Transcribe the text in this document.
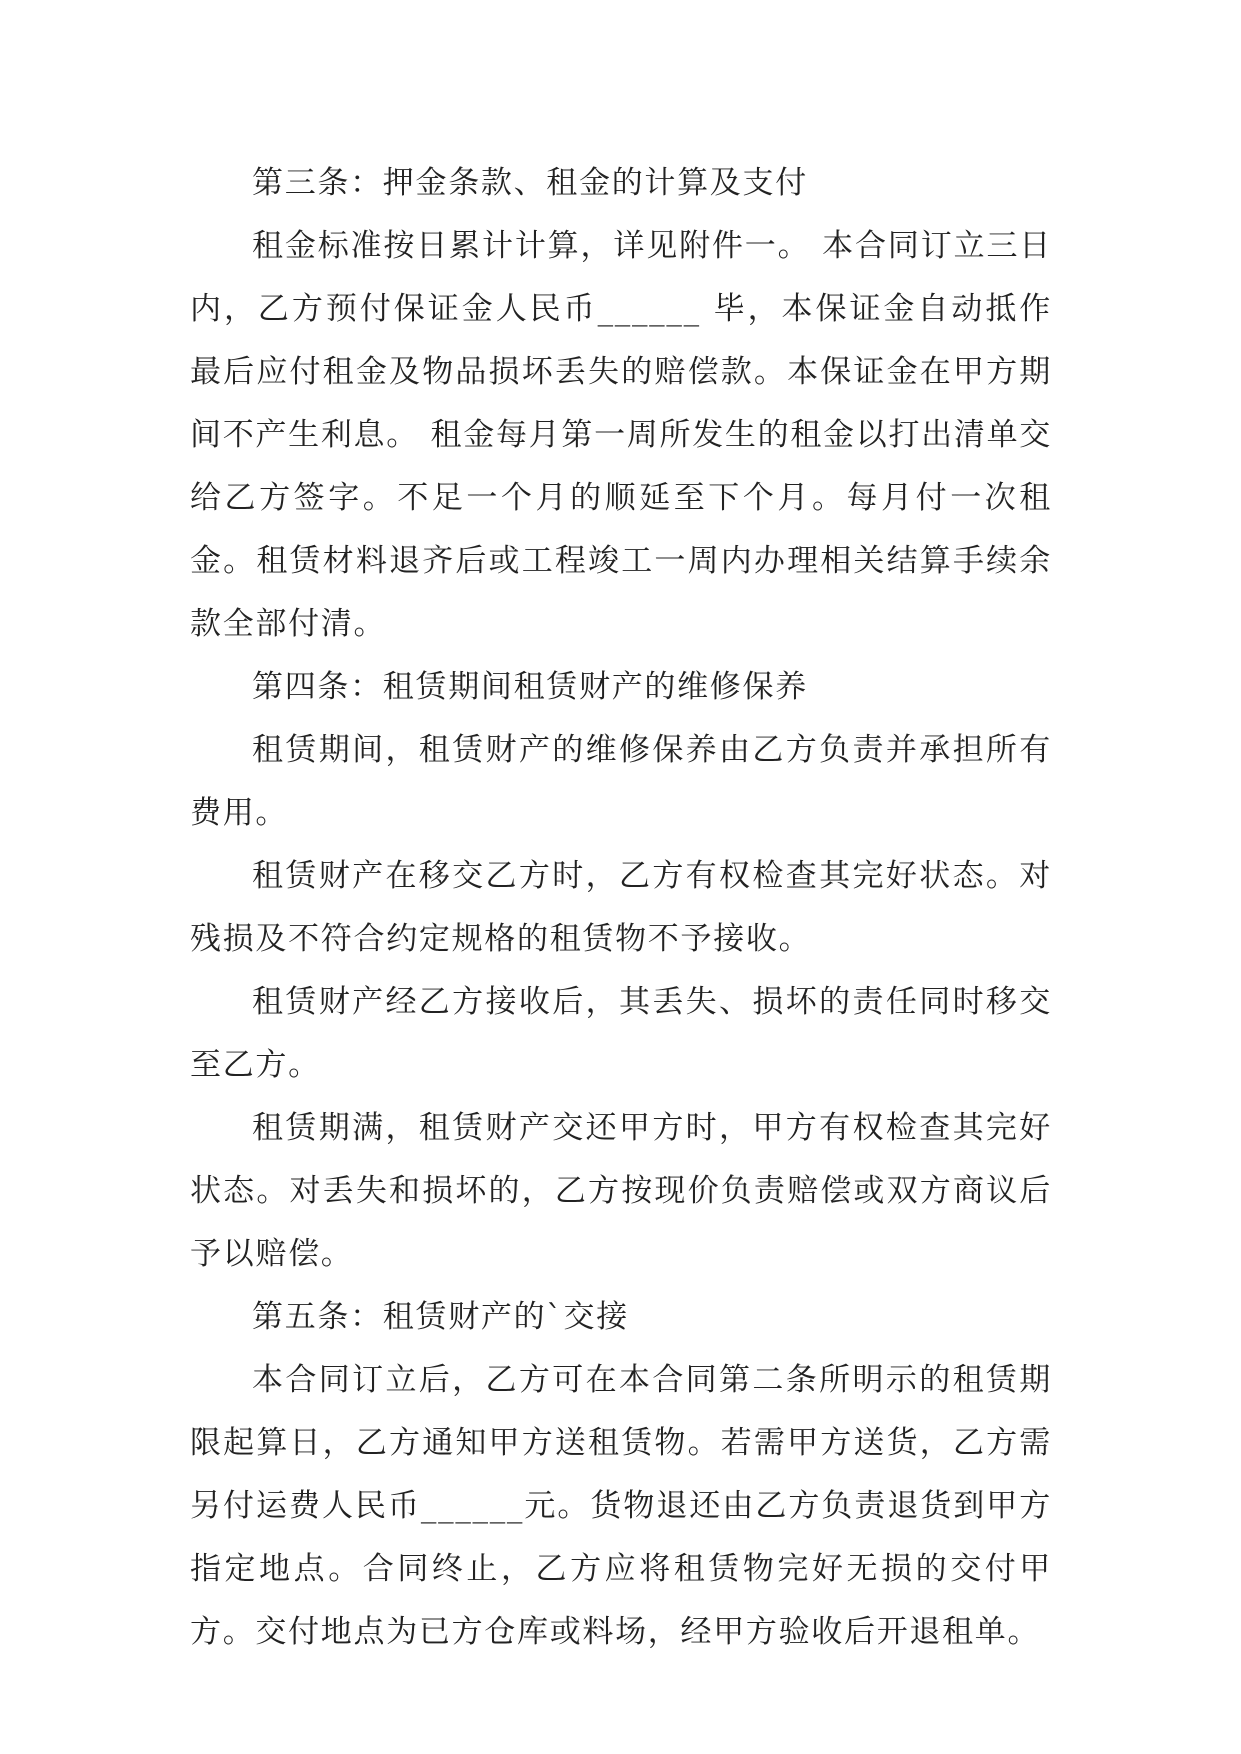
第三条：押金条款、租金的计算及支付

租金标准按日累计计算，详见附件一。 本合同订立三日内，乙方预付保证金人民币______ 毕，本保证金自动抵作最后应付租金及物品损坏丢失的赔偿款。本保证金在甲方期间不产生利息。 租金每月第一周所发生的租金以打出清单交给乙方签字。不足一个月的顺延至下个月。每月付一次租金。租赁材料退齐后或工程竣工一周内办理相关结算手续余款全部付清。

第四条：租赁期间租赁财产的维修保养

租赁期间，租赁财产的维修保养由乙方负责并承担所有费用。

租赁财产在移交乙方时，乙方有权检查其完好状态。对残损及不符合约定规格的租赁物不予接收。

租赁财产经乙方接收后，其丢失、损坏的责任同时移交至乙方。

租赁期满，租赁财产交还甲方时，甲方有权检查其完好状态。对丢失和损坏的，乙方按现价负责赔偿或双方商议后予以赔偿。

第五条：租赁财产的`交接

本合同订立后，乙方可在本合同第二条所明示的租赁期限起算日，乙方通知甲方送租赁物。若需甲方送货，乙方需另付运费人民币______元。货物退还由乙方负责退货到甲方指定地点。合同终止，乙方应将租赁物完好无损的交付甲方。交付地点为已方仓库或料场，经甲方验收后开退租单。
